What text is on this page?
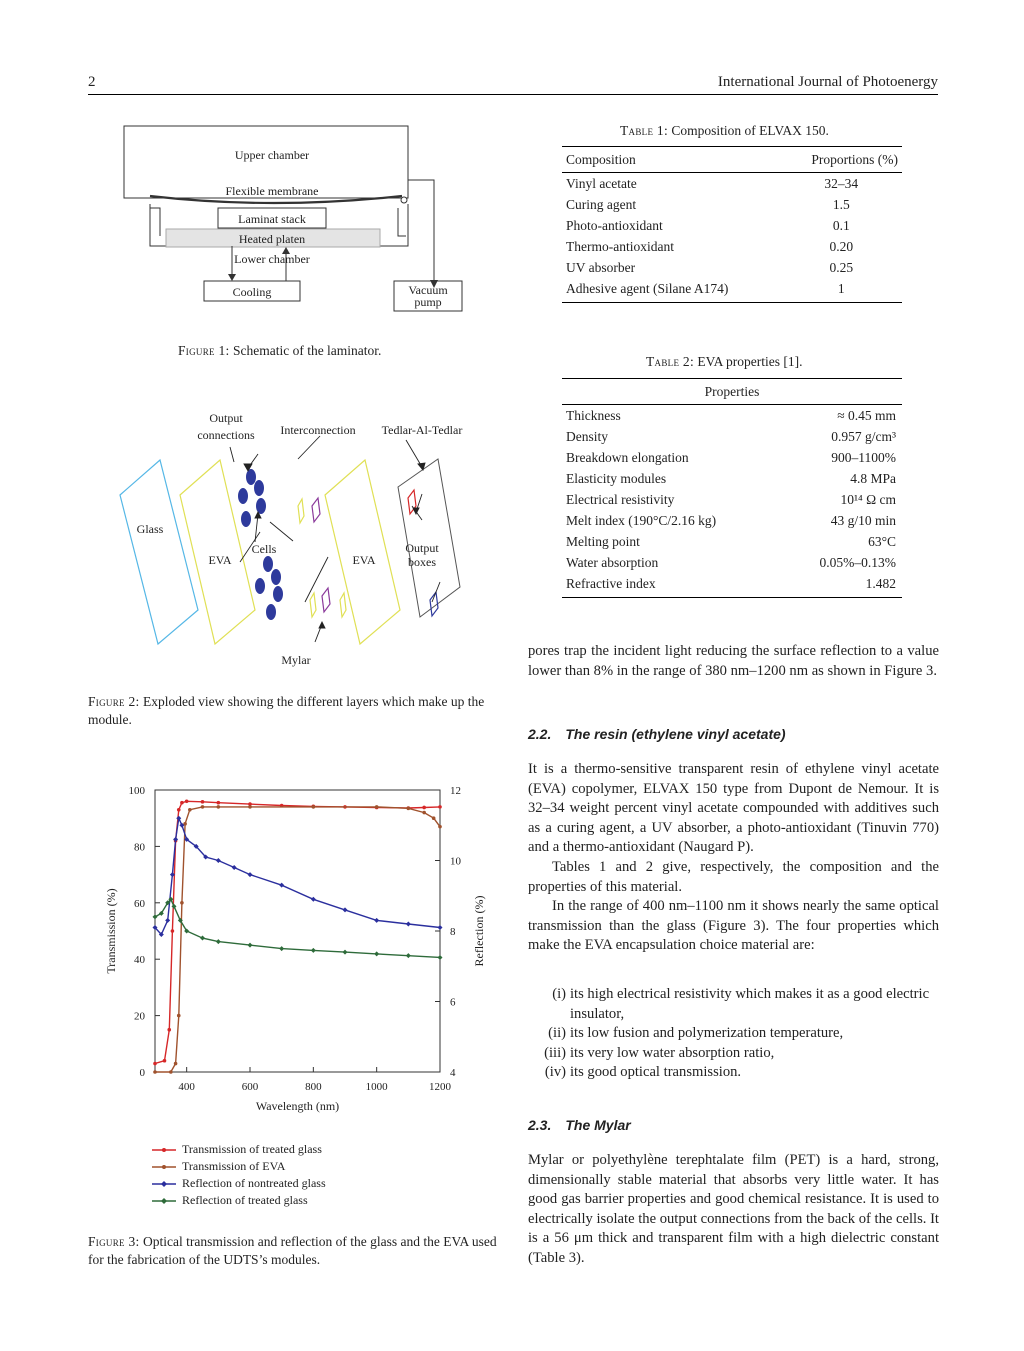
2	International Journal of Photoenergy
Upper chamber
Flexible membrane
Laminat stack
Heated platen
Lower chamber
Cooling	Vacuum
pump
Figure 1: Schematic of the laminator.
Output
connections Interconnection Tedlar-Al-Tedlar
Glass
EVA
Cells
EVA
Output
boxes
Mylar
Figure 2: Exploded view showing the different layers which make up the module.
0
20
40
60
80
100
4
6
8
10
12
400	600	800	1000	1200
Wavelength (nm)
Transmission (%)	Reflection (%)
Transmission of treated glass
Transmission of EVA
Reflection of nontreated glass
Reflection of treated glass
Figure 3: Optical transmission and reflection of the glass and the EVA used for the fabrication of the UDTS’s modules.
Table 1: Composition of ELVAX 150.
Composition	Proportions (%)
Vinyl acetate	32–34
Curing agent	1.5
Photo-antioxidant	0.1
Thermo-antioxidant	0.20
UV absorber	0.25
Adhesive agent (Silane A174)	1
Table 2: EVA properties [1].
Properties	
Thickness	≈ 0.45 mm
Density	0.957 g/cm³
Breakdown elongation	900–1100%
Elasticity modules	4.8 MPa
Electrical resistivity	10¹⁴ Ω cm
Melt index (190°C/2.16 kg)	43 g/10 min
Melting point	63°C
Water absorption	0.05%–0.13%
Refractive index	1.482

pores trap the incident light reducing the surface reflection to a value lower than 8% in the range of 380 nm–1200 nm as shown in Figure 3.

2.2. The resin (ethylene vinyl acetate)

It is a thermo-sensitive transparent resin of ethylene vinyl acetate (EVA) copolymer, ELVAX 150 type from Dupont de Nemour. It is 32–34 weight percent vinyl acetate compounded with additives such as a curing agent, a UV absorber, a photo-antioxidant (Tinuvin 770) and a thermo-antioxidant (Naugard P).

Tables 1 and 2 give, respectively, the composition and the properties of this material.

In the range of 400 nm–1100 nm it shows nearly the same optical transmission than the glass (Figure 3). The four properties which make the EVA encapsulation choice material are:

(i) its high electrical resistivity which makes it as a good electric insulator,
(ii) its low fusion and polymerization temperature,
(iii) its very low water absorption ratio,
(iv) its good optical transmission.
2.3. The Mylar

Mylar or polyethylène terephtalate film (PET) is a hard, strong, dimensionally stable material that absorbs very little water. It has good gas barrier properties and good chemical resistance. It is used to electrically isolate the output connections from the back of the cells. It is a 56 μm thick and transparent film with a high dielectric constant (Table 3).
